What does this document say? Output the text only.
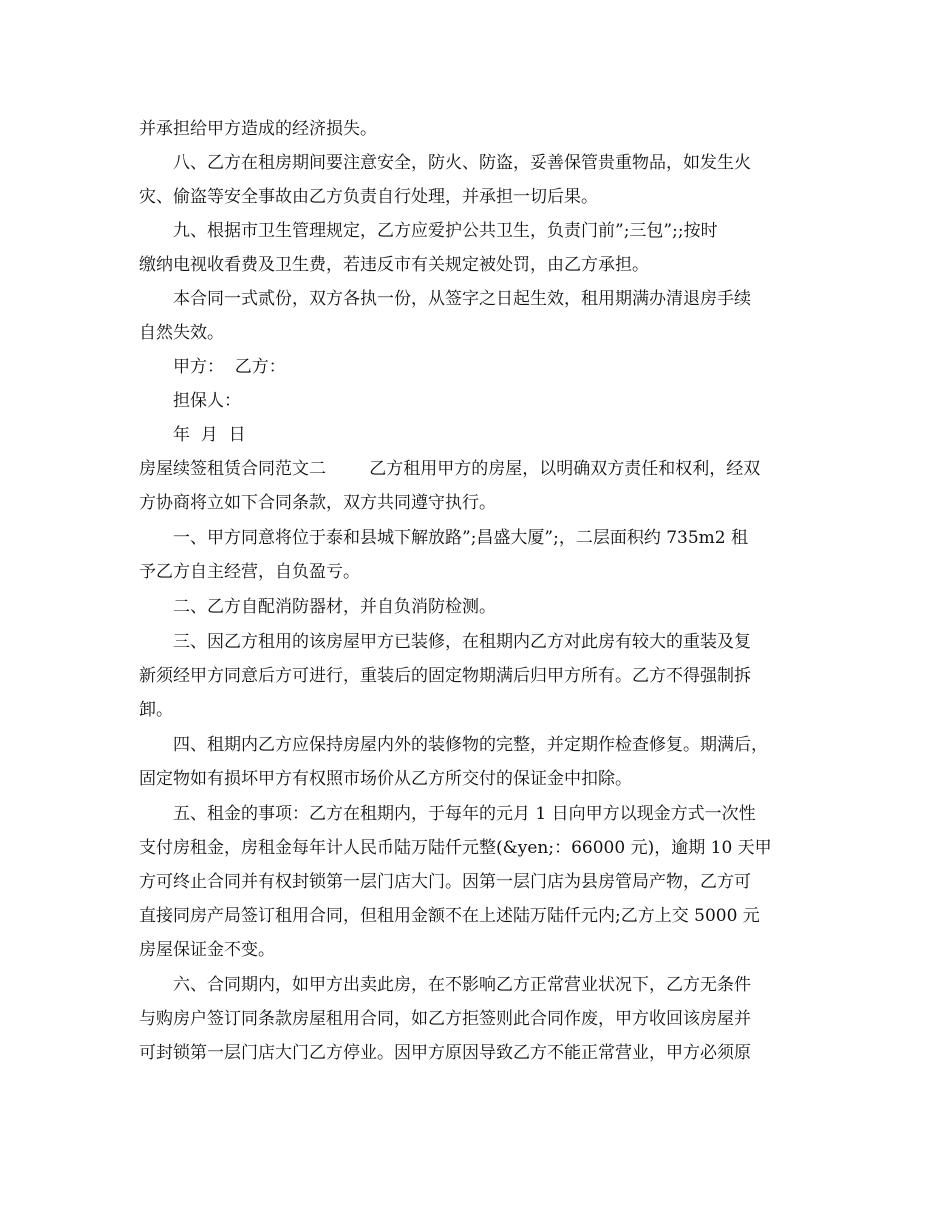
并承担给甲方造成的经济损失。
八、乙方在租房期间要注意安全，防火、防盗，妥善保管贵重物品，如发生火
灾、偷盗等安全事故由乙方负责自行处理，并承担一切后果。
九、根据市卫生管理规定，乙方应爱护公共卫生，负责门前”;三包”;;按时
缴纳电视收看费及卫生费，若违反市有关规定被处罚，由乙方承担。
本合同一式贰份，双方各执一份，从签字之日起生效，租用期满办清退房手续
自然失效。
甲方：  乙方：
担保人：
年  月  日
房屋续签租赁合同范文二        乙方租用甲方的房屋，以明确双方责任和权利，经双
方协商将立如下合同条款，双方共同遵守执行。
一、甲方同意将位于泰和县城下解放路”;昌盛大厦”;，二层面积约 735m2 租
予乙方自主经营，自负盈亏。
二、乙方自配消防器材，并自负消防检测。
三、因乙方租用的该房屋甲方已装修，在租期内乙方对此房有较大的重装及复
新须经甲方同意后方可进行，重装后的固定物期满后归甲方所有。乙方不得强制拆
卸。
四、租期内乙方应保持房屋内外的装修物的完整，并定期作检查修复。期满后，
固定物如有损坏甲方有权照市场价从乙方所交付的保证金中扣除。
五、租金的事项：乙方在租期内，于每年的元月 1 日向甲方以现金方式一次性
支付房租金，房租金每年计人民币陆万陆仟元整(&yen;：66000 元)，逾期 10 天甲
方可终止合同并有权封锁第一层门店大门。因第一层门店为县房管局产物，乙方可
直接同房产局签订租用合同，但租用金额不在上述陆万陆仟元内;乙方上交 5000 元
房屋保证金不变。
六、合同期内，如甲方出卖此房，在不影响乙方正常营业状况下，乙方无条件
与购房户签订同条款房屋租用合同，如乙方拒签则此合同作废，甲方收回该房屋并
可封锁第一层门店大门乙方停业。因甲方原因导致乙方不能正常营业，甲方必须原
